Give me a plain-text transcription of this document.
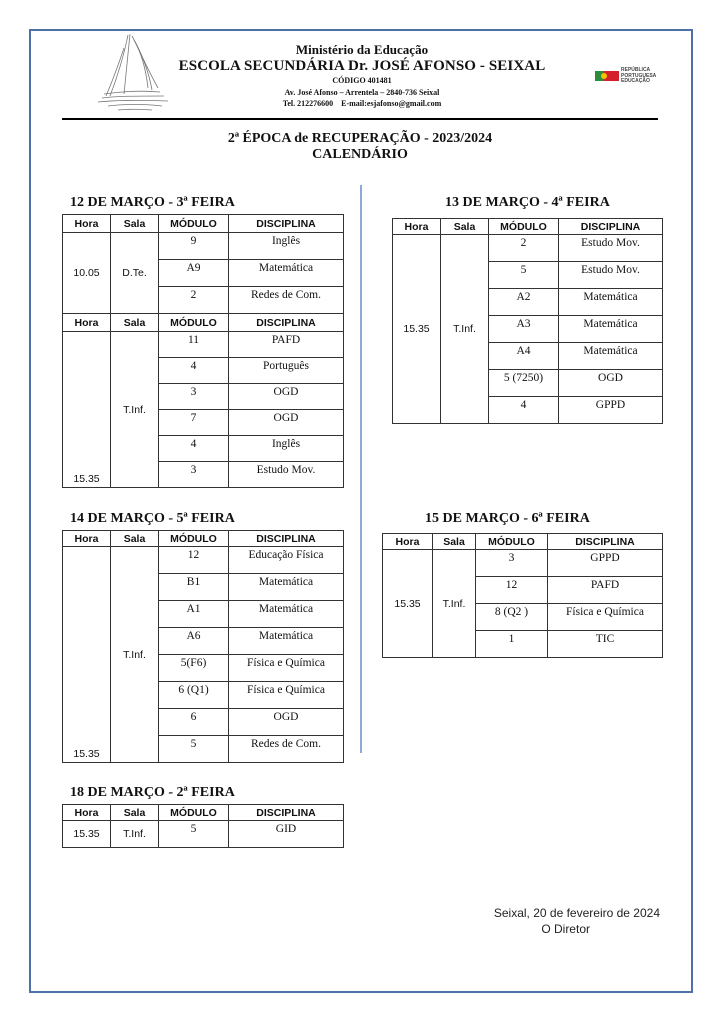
Ministério da Educação
ESCOLA SECUNDÁRIA Dr. JOSÉ AFONSO - SEIXAL
CÓDIGO 401481
Av. José Afonso – Arrentela – 2840-736 Seixal
Tel. 212276600    E-mail:esjafonso@gmail.com
REPÚBLICA
PORTUGUESA
EDUCAÇÃO
2ª ÉPOCA de RECUPERAÇÃO - 2023/2024
CALENDÁRIO
12 DE MARÇO - 3ª FEIRA
Hora	Sala	MÓDULO	DISCIPLINA
10.05	D.Te.	9	Inglês
		A9	Matemática
		2	Redes de Com.
Hora	Sala	MÓDULO	DISCIPLINA
15.35	T.Inf.	11	PAFD
		4	Português
		3	OGD
		7	OGD
		4	Inglês
		3	Estudo Mov.
13 DE MARÇO - 4ª FEIRA
Hora	Sala	MÓDULO	DISCIPLINA
15.35	T.Inf.	2	Estudo Mov.
		5	Estudo Mov.
		A2	Matemática
		A3	Matemática
		A4	Matemática
		5 (7250)	OGD
		4	GPPD
14 DE MARÇO - 5ª FEIRA
Hora	Sala	MÓDULO	DISCIPLINA
15.35	T.Inf.	12	Educação Física
		B1	Matemática
		A1	Matemática
		A6	Matemática
		5(F6)	Física e Química
		6 (Q1)	Física e Química
		6	OGD
		5	Redes de Com.
15 DE MARÇO - 6ª FEIRA
Hora	Sala	MÓDULO	DISCIPLINA
15.35	T.Inf.	3	GPPD
		12	PAFD
		8 (Q2 )	Física e Química
		1	TIC
18 DE MARÇO - 2ª FEIRA
Hora	Sala	MÓDULO	DISCIPLINA
15.35	T.Inf.	5	GID
Seixal, 20 de fevereiro de 2024
O Diretor
